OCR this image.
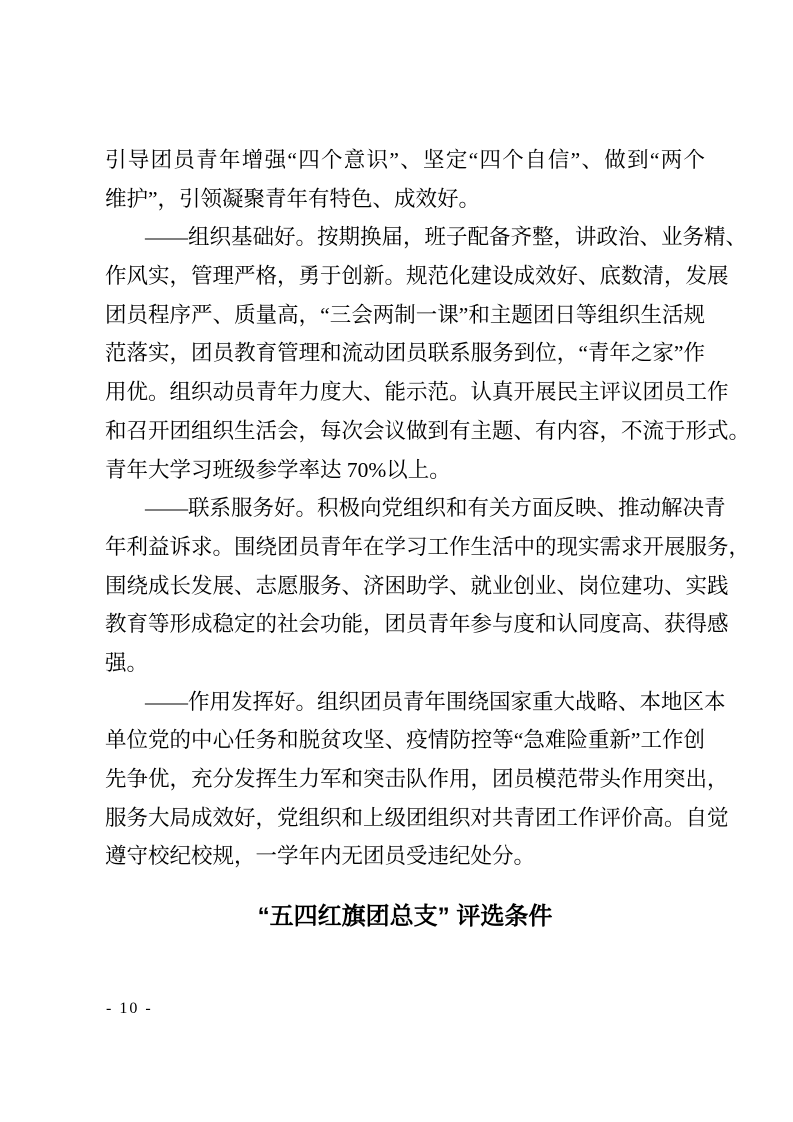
引导团员青年增强“四个意识”、坚定“四个自信”、做到“两个
维护”，引领凝聚青年有特色、成效好。
——组织基础好。按期换届，班子配备齐整，讲政治、业务精、
作风实，管理严格，勇于创新。规范化建设成效好、底数清，发展
团员程序严、质量高，“三会两制一课”和主题团日等组织生活规
范落实，团员教育管理和流动团员联系服务到位，“青年之家”作
用优。组织动员青年力度大、能示范。认真开展民主评议团员工作
和召开团组织生活会，每次会议做到有主题、有内容，不流于形式。
青年大学习班级参学率达 70%以上。
——联系服务好。积极向党组织和有关方面反映、推动解决青
年利益诉求。围绕团员青年在学习工作生活中的现实需求开展服务，
围绕成长发展、志愿服务、济困助学、就业创业、岗位建功、实践
教育等形成稳定的社会功能，团员青年参与度和认同度高、获得感
强。
——作用发挥好。组织团员青年围绕国家重大战略、本地区本
单位党的中心任务和脱贫攻坚、疫情防控等“急难险重新”工作创
先争优，充分发挥生力军和突击队作用，团员模范带头作用突出，
服务大局成效好，党组织和上级团组织对共青团工作评价高。自觉
遵守校纪校规，一学年内无团员受违纪处分。
“五四红旗团总支” 评选条件
- 10 -
